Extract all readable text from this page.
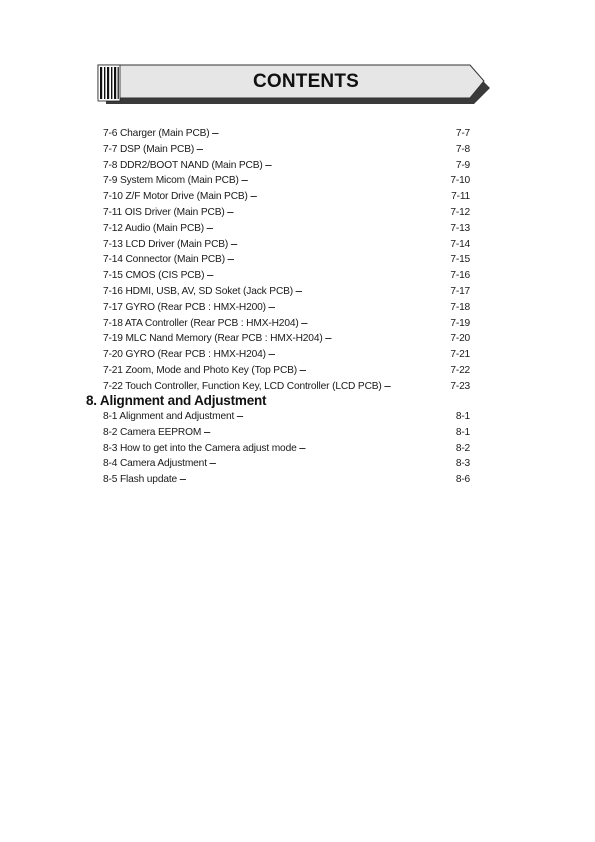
CONTENTS
7-6 Charger (Main PCB) . . .	7-7
7-7 DSP (Main PCB) . . .	7-8
7-8 DDR2/BOOT NAND (Main PCB) . . .	7-9
7-9 System Micom (Main PCB) . . .	7-10
7-10 Z/F Motor Drive (Main PCB) . . .	7-11
7-11 OIS Driver (Main PCB) . . .	7-12
7-12 Audio (Main PCB) . . .	7-13
7-13 LCD Driver (Main PCB) . . .	7-14
7-14 Connector (Main PCB) . . .	7-15
7-15 CMOS (CIS PCB) . . .	7-16
7-16 HDMI, USB, AV, SD Soket (Jack PCB) . . .	7-17
7-17 GYRO (Rear PCB : HMX-H200) . . .	7-18
7-18 ATA Controller (Rear PCB : HMX-H204) . . .	7-19
7-19 MLC Nand Memory (Rear PCB : HMX-H204) . . .	7-20
7-20 GYRO (Rear PCB : HMX-H204) . . .	7-21
7-21 Zoom, Mode and Photo Key (Top PCB) . . .	7-22
7-22 Touch Controller, Function Key, LCD Controller (LCD PCB) . . .	7-23
8. Alignment and Adjustment
8-1 Alignment and Adjustment . . .	8-1
8-2 Camera EEPROM . . .	8-1
8-3 How to get into the Camera adjust mode . . .	8-2
8-4 Camera Adjustment . . .	8-3
8-5 Flash update . . .	8-6
